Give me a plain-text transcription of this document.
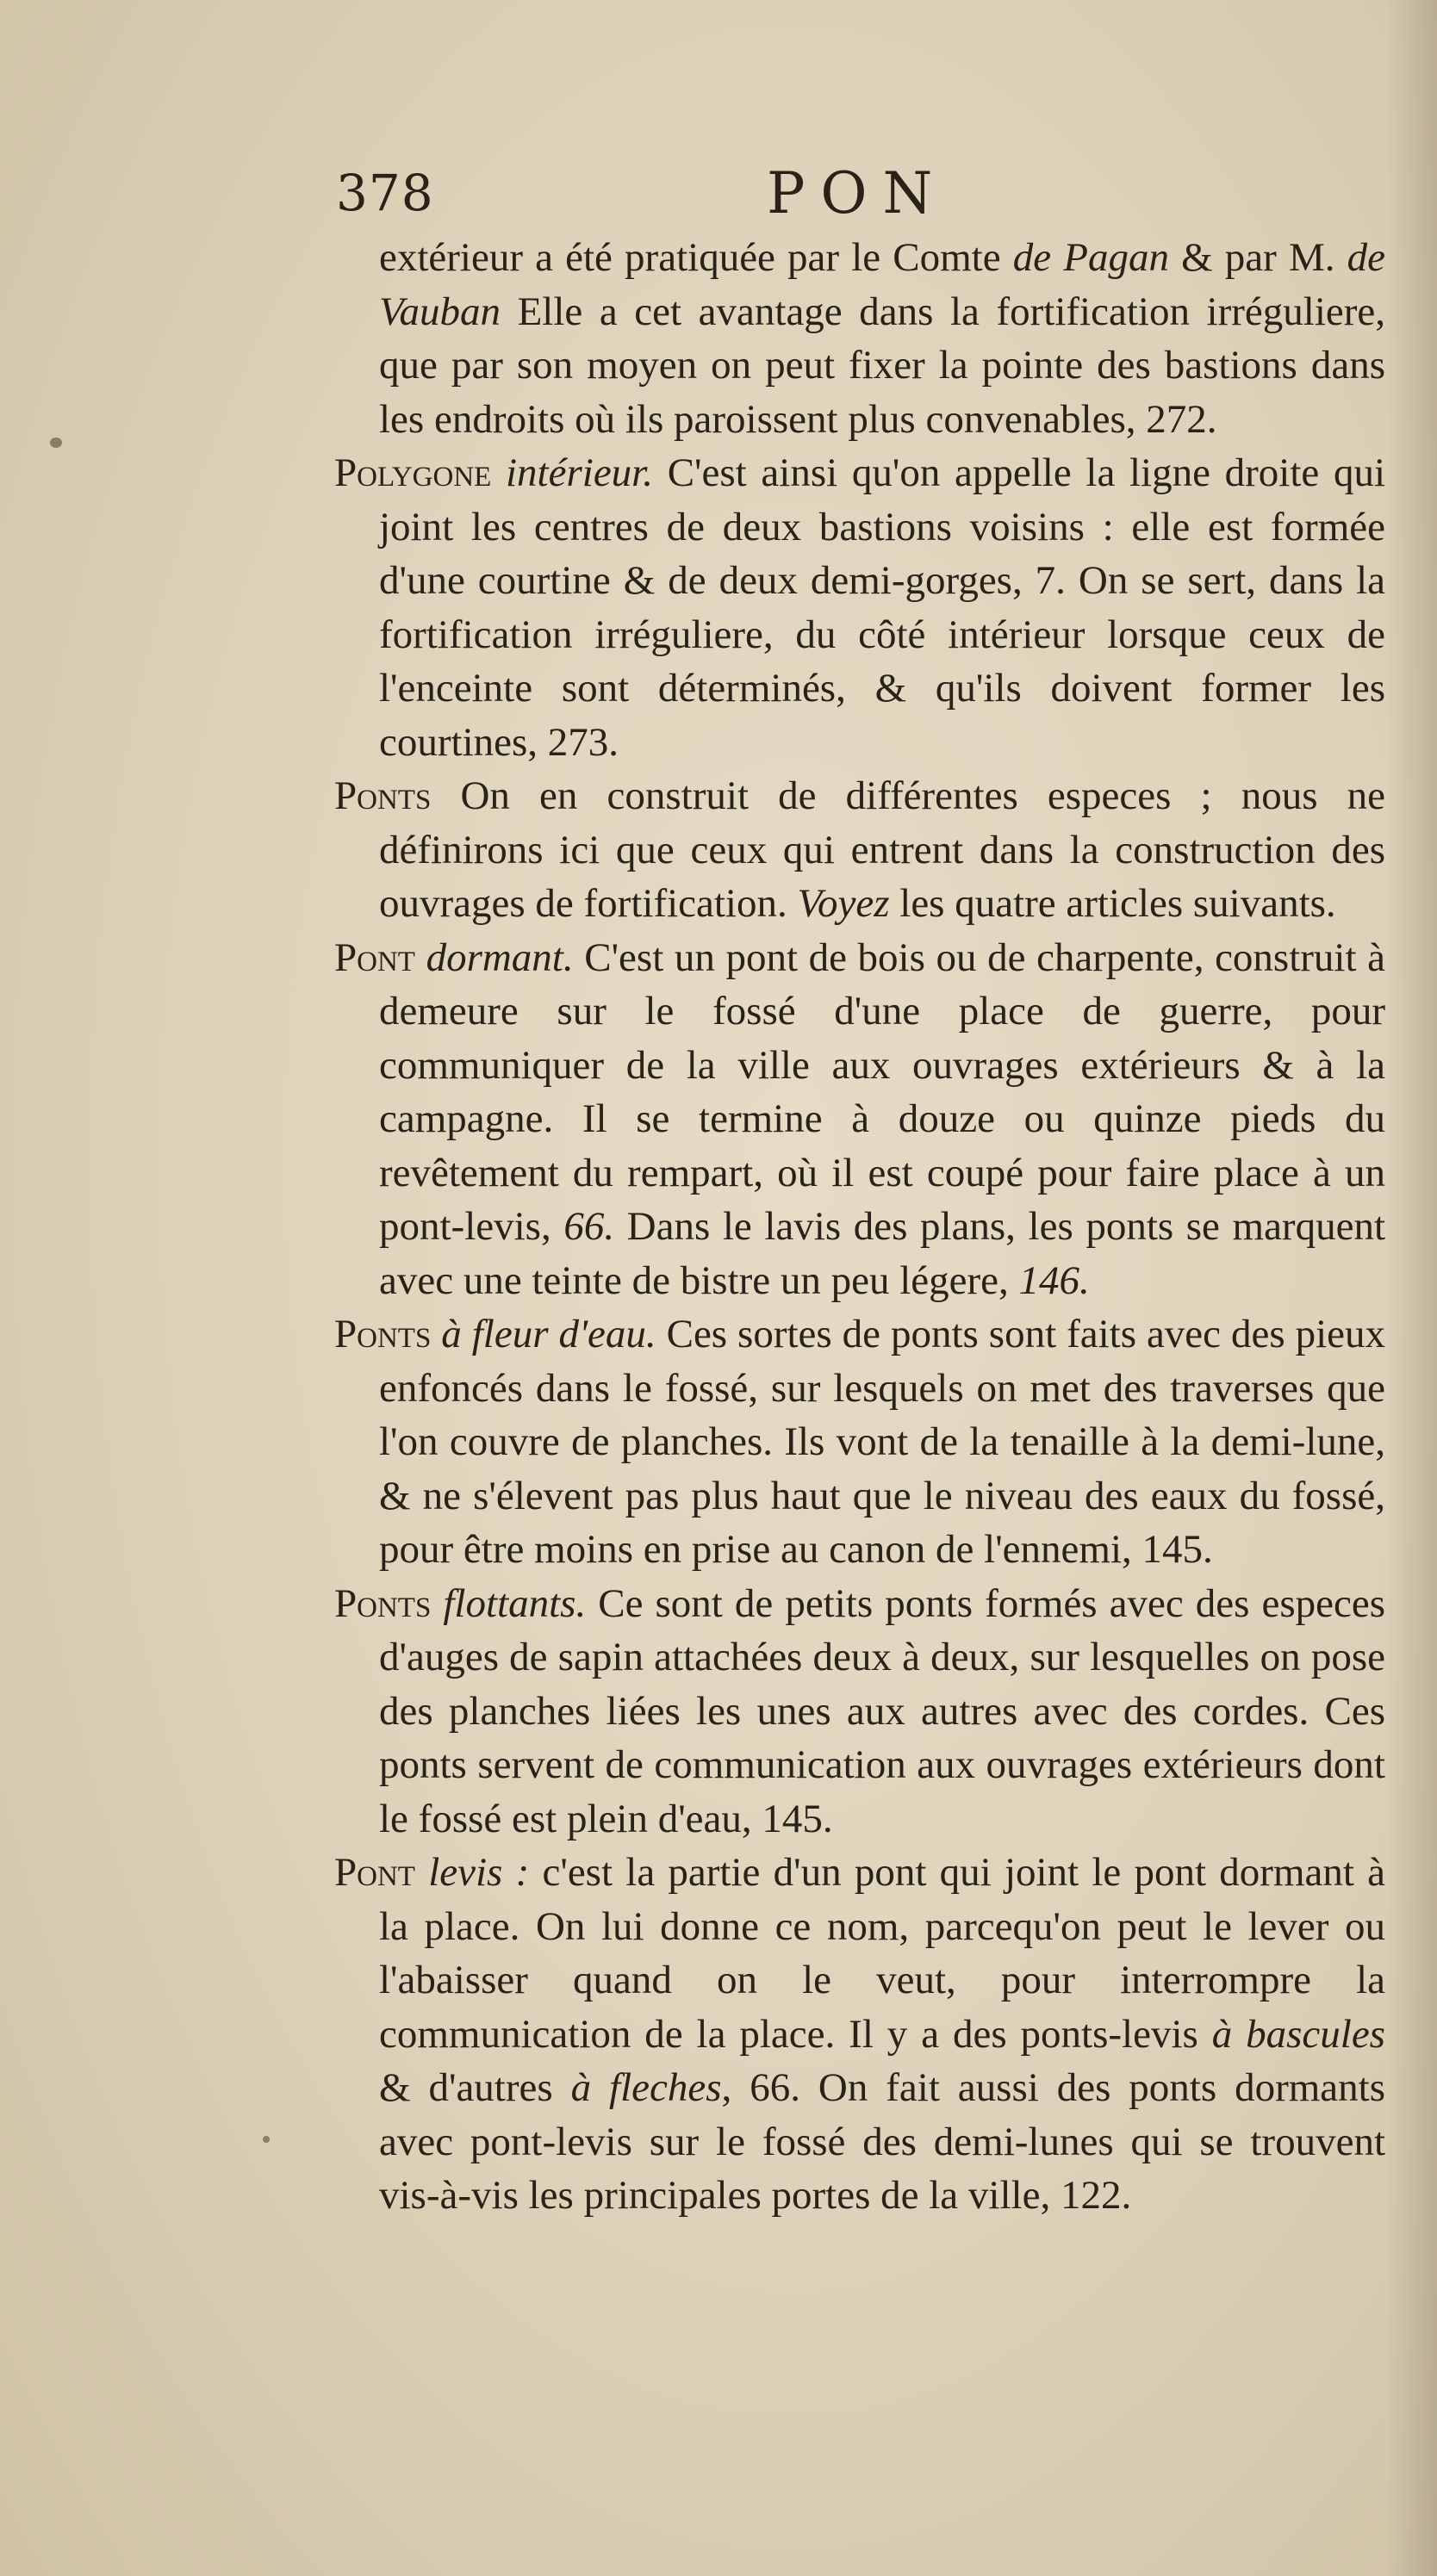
378	PON

extérieur a été pratiquée par le Comte de Pagan & par M. de Vauban Elle a cet avantage dans la fortification irréguliere, que par son moyen on peut fixer la pointe des bastions dans les endroits où ils paroissent plus convenables, 272.

Polygone intérieur. C'est ainsi qu'on appelle la ligne droite qui joint les centres de deux bastions voisins : elle est formée d'une courtine & de deux demi-gorges, 7. On se sert, dans la fortification irréguliere, du côté intérieur lorsque ceux de l'enceinte sont déterminés, & qu'ils doivent former les courtines, 273.

Ponts On en construit de différentes especes ; nous ne définirons ici que ceux qui entrent dans la construction des ouvrages de fortification. Voyez les quatre articles suivants.

Pont dormant. C'est un pont de bois ou de charpente, construit à demeure sur le fossé d'une place de guerre, pour communiquer de la ville aux ouvrages extérieurs & à la campagne. Il se termine à douze ou quinze pieds du revêtement du rempart, où il est coupé pour faire place à un pont-levis, 66. Dans le lavis des plans, les ponts se marquent avec une teinte de bistre un peu légere, 146.

Ponts à fleur d'eau. Ces sortes de ponts sont faits avec des pieux enfoncés dans le fossé, sur lesquels on met des traverses que l'on couvre de planches. Ils vont de la tenaille à la demi-lune, & ne s'élevent pas plus haut que le niveau des eaux du fossé, pour être moins en prise au canon de l'ennemi, 145.

Ponts flottants. Ce sont de petits ponts formés avec des especes d'auges de sapin attachées deux à deux, sur lesquelles on pose des planches liées les unes aux autres avec des cordes. Ces ponts servent de communication aux ouvrages extérieurs dont le fossé est plein d'eau, 145.

Pont levis : c'est la partie d'un pont qui joint le pont dormant à la place. On lui donne ce nom, parcequ'on peut le lever ou l'abaisser quand on le veut, pour interrompre la communication de la place. Il y a des ponts-levis à bascules & d'autres à fleches, 66. On fait aussi des ponts dormants avec pont-levis sur le fossé des demi-lunes qui se trouvent vis-à-vis les principales portes de la ville, 122.
